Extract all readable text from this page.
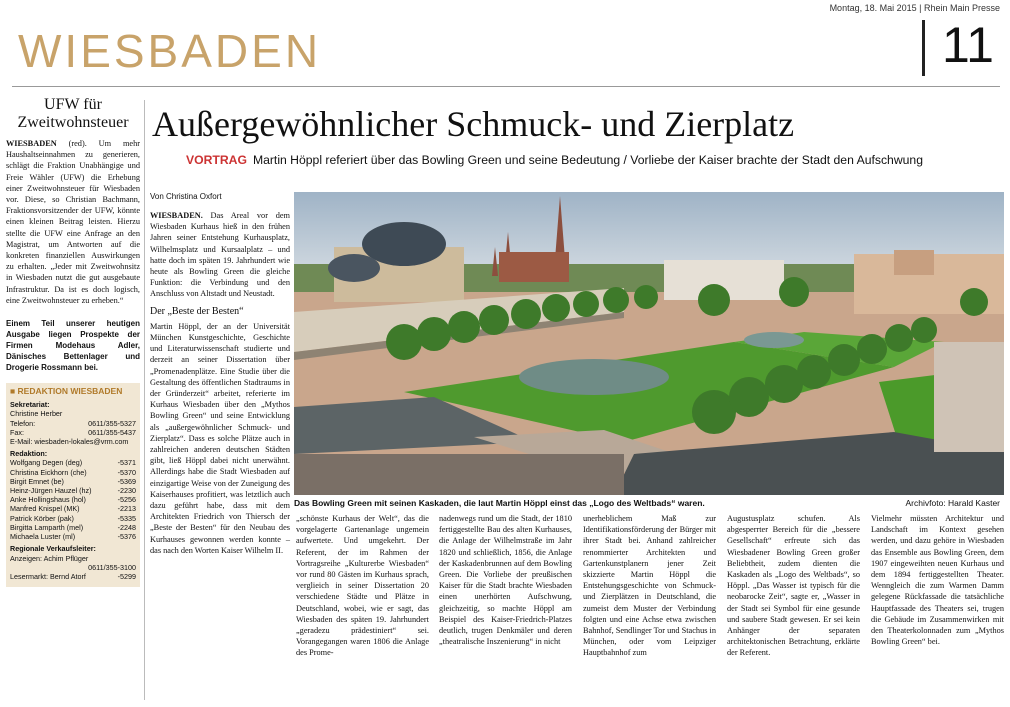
Montag, 18. Mai 2015 | Rhein Main Presse
WIESBADEN	11
UFW für Zweitwohnsteuer

WIESBADEN (red). Um mehr Haushaltseinnahmen zu generieren, schlägt die Fraktion Unabhängige und Freie Wähler (UFW) die Erhebung einer Zweitwohnsteuer für Wiesbaden vor. Diese, so Christian Bachmann, Fraktionsvorsitzender der UFW, könnte einen kleinen Beitrag leisten. Hierzu stellte die UFW eine Anfrage an den Magistrat, um Antworten auf die konkreten finanziellen Auswirkungen zu erhalten. „Jeder mit Zweitwohnsitz in Wiesbaden nutzt die gut ausgebaute Infrastruktur. Da ist es doch logisch, eine Zweitwohnsteuer zu erheben.“

Einem Teil unserer heutigen Ausgabe liegen Prospekte der Firmen Modehaus Adler, Dänisches Bettenlager und Drogerie Rossmann bei.
■ REDAKTION WIESBADEN
Sekretariat:
Christine Herber
Telefon:	0611/355-5327
Fax:	0611/355-5437
E-Mail: wiesbaden-lokales@vrm.com
Redaktion:
Wolfgang Degen (deg)	-5371
Christina Eickhorn (che)	-5370
Birgit Emnet (be)	-5369
Heinz-Jürgen Hauzel (hz)	-2230
Anke Hollingshaus (hol)	-5256
Manfred Knispel (MK)	-2213
Patrick Körber (pak)	-5335
Birgitta Lamparth (mel)	-2248
Michaela Luster (ml)	-5376
Regionale Verkaufsleiter:
Anzeigen: Achim Pflüger
0611/355-3100
Lesermarkt: Bernd Atorf	-5299
Außergewöhnlicher Schmuck- und Zierplatz
VORTRAG Martin Höppl referiert über das Bowling Green und seine Bedeutung / Vorliebe der Kaiser brachte der Stadt den Aufschwung
Von Christina Oxfort

WIESBADEN. Das Areal vor dem Wiesbaden Kurhaus hieß in den frühen Jahren seiner Entstehung Kurhausplatz, Wilhelmsplatz und Kursaalplatz – und hatte doch im späten 19. Jahrhundert wie heute als Bowling Green die gleiche Funktion: die Verbindung und den Anschluss von Altstadt und Neustadt.

Der „Beste der Besten“

Martin Höppl, der an der Universität München Kunstgeschichte, Geschichte und Literaturwissenschaft studierte und derzeit an seiner Dissertation über „Promenadenplätze. Eine Studie über die Gestaltung des öffentlichen Stadtraums in der Gründerzeit“ arbeitet, referierte im Kurhaus Wiesbaden über den „Mythos Bowling Green“ und seine Entwicklung als „außergewöhnlicher Schmuck- und Zierplatz“. Dass es solche Plätze auch in zahlreichen anderen deutschen Städten gibt, ließ Höppl dabei nicht unerwähnt. Allerdings habe die Stadt Wiesbaden auf einzigartige Weise von der Zuneigung des Kaiserhauses profitiert, was letztlich auch dazu geführt habe, dass mit dem Architekten Friedrich von Thiersch der „Beste der Besten“ für den Neubau des Kurhauses gewonnen werden konnte – das nach den Worten Kaiser Wilhelm II.

Das Bowling Green mit seinen Kaskaden, die laut Martin Höppl einst das „Logo des Weltbads“ waren.	Archivfoto: Harald Kaster

„schönste Kurhaus der Welt“, das die vorgelagerte Gartenanlage ungemein aufwertete. Und umgekehrt. Der Referent, der im Rahmen der Vortragsreihe „Kulturerbe Wiesbaden“ vor rund 80 Gästen im Kurhaus sprach, verglieich in seiner Dissertation 20 verschiedene Städte und Plätze in Deutschland, wobei, wie er sagt, das Wiesbaden des späten 19. Jahrhundert „geradezu prädestiniert“ sei. Vorangegangen waren 1806 die Anlage des Prome-

nadenwegs rund um die Stadt, der 1810 fertiggestellte Bau des alten Kurhauses, die Anlage der Wilhelmstraße im Jahr 1820 und schließlich, 1856, die Anlage der Kaskadenbrunnen auf dem Bowling Green. Die Vorliebe der preußischen Kaiser für die Stadt brachte Wiesbaden einen unerhörten Aufschwung, gleichzeitig, so machte Höppl am Beispiel des Kaiser-Friedrich-Platzes deutlich, trugen Denkmäler und deren „theatralische Inszenierung“ in nicht

unerheblichem Maß zur Identifikationsförderung der Bürger mit ihrer Stadt bei. Anhand zahlreicher renommierter Architekten und Gartenkunstplanern jener Zeit skizzierte Martin Höppl die Entstehungsgeschichte von Schmuck- und Zierplätzen in Deutschland, die zumeist dem Muster der Verbindung folgten und eine Achse etwa zwischen Bahnhof, Sendlinger Tor und Stachus in München, oder vom Leipziger Hauptbahnhof zum

Augustusplatz schufen. Als abgesperrter Bereich für die „bessere Gesellschaft“ erfreute sich das Wiesbadener Bowling Green großer Beliebtheit, zudem dienten die Kaskaden als „Logo des Weltbads“, so Höppl. „Das Wasser ist typisch für die neobarocke Zeit“, sagte er, „Wasser in der Stadt sei Symbol für eine gesunde und saubere Stadt gewesen. Er sei kein Anhänger der separaten architektonischen Betrachtung, erklärte der Referent.

Vielmehr müssten Architektur und Landschaft im Kontext gesehen werden, und dazu gehöre in Wiesbaden das Ensemble aus Bowling Green, dem 1907 eingeweihten neuen Kurhaus und dem 1894 fertiggestellten Theater. Wenngleich die zum Warmen Damm gelegene Rückfassade die tatsächliche Hauptfassade des Theaters sei, trugen die Gebäude im Zusammenwirken mit den Theaterkolonnaden zum „Mythos Bowling Green“ bei.
